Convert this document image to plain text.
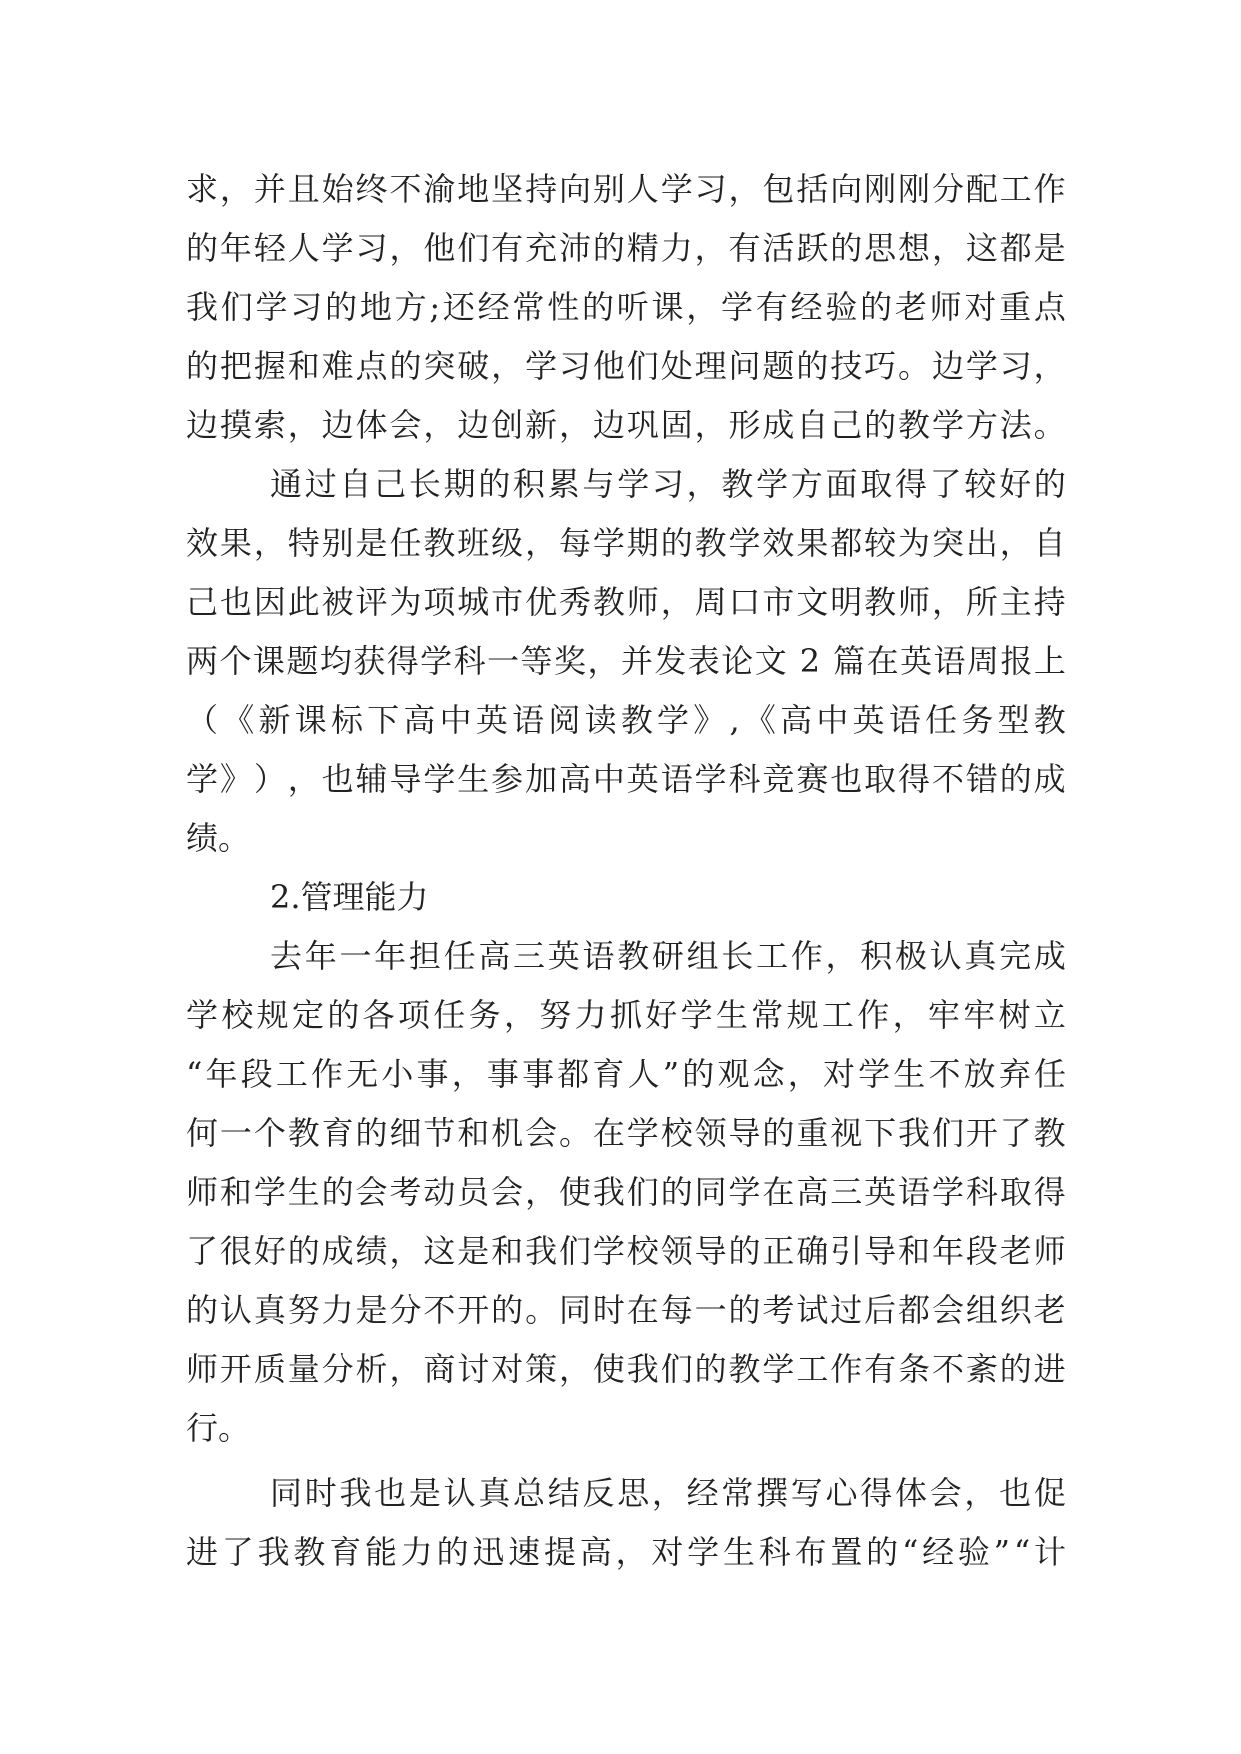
求 ， 并 且 始 终 不 渝 地 坚 持 向 别 人 学 习 ， 包 括 向 刚 刚 分 配 工 作
的 年 轻 人 学 习 ， 他 们 有 充 沛 的 精 力 ， 有 活 跃 的 思 想 ， 这 都 是
我 们 学 习 的 地 方 ; 还 经 常 性 的 听 课 ， 学 有 经 验 的 老 师 对 重 点
的 把 握 和 难 点 的 突 破 ， 学 习 他 们 处 理 问 题 的 技 巧 。 边 学 习 ，
边 摸 索 ， 边 体 会 ， 边 创 新 ， 边 巩 固 ， 形 成 自 己 的 教 学 方 法 。
通 过 自 己 长 期 的 积 累 与 学 习 ， 教 学 方 面 取 得 了 较 好 的
效 果 ， 特 别 是 任 教 班 级 ， 每 学 期 的 教 学 效 果 都 较 为 突 出 ， 自
己 也 因 此 被 评 为 项 城 市 优 秀 教 师 ， 周 口 市 文 明 教 师 ， 所 主 持
两 个 课 题 均 获 得 学 科 一 等 奖 ， 并 发 表 论 文
2
篇 在 英 语 周 报 上
（ 《 新 课 标 下 高 中 英 语 阅 读 教 学 》 , 《 高 中 英 语 任 务 型 教
学 》 ） ， 也 辅 导 学 生 参 加 高 中 英 语 学 科 竞 赛 也 取 得 不 错 的 成
绩。
2.管理能力
去 年 一 年 担 任 高 三 英 语 教 研 组 长 工 作 ， 积 极 认 真 完 成
学 校 规 定 的 各 项 任 务 ， 努 力 抓 好 学 生 常 规 工 作 ， 牢 牢 树 立
“ 年 段 工 作 无 小 事 ， 事 事 都 育 人 ” 的 观 念 ， 对 学 生 不 放 弃 任
何 一 个 教 育 的 细 节 和 机 会 。 在 学 校 领 导 的 重 视 下 我 们 开 了 教
师 和 学 生 的 会 考 动 员 会 ， 使 我 们 的 同 学 在 高 三 英 语 学 科 取 得
了 很 好 的 成 绩 ， 这 是 和 我 们 学 校 领 导 的 正 确 引 导 和 年 段 老 师
的 认 真 努 力 是 分 不 开 的 。 同 时 在 每 一 的 考 试 过 后 都 会 组 织 老
师 开 质 量 分 析 ， 商 讨 对 策 ， 使 我 们 的 教 学 工 作 有 条 不 紊 的 进
行。
同 时 我 也 是 认 真 总 结 反 思 ， 经 常 撰 写 心 得 体 会 ， 也 促
进 了 我 教 育 能 力 的 迅 速 提 高 ， 对 学 生 科 布 置 的 “ 经 验 ” “ 计
